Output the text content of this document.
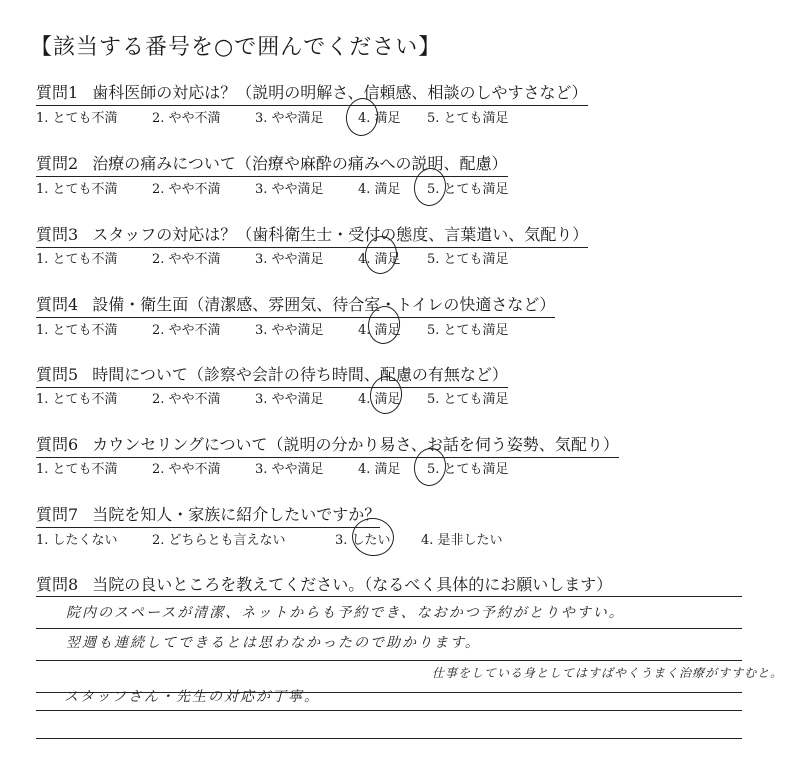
【該当する番号を○で囲んでください】
質問1 歯科医師の対応は？（説明の明解さ、信頼感、相談のしやすさなど）
1. とても不満	2. やや不満	3. やや満足	4. 満足 5. とても満足
質問2 治療の痛みについて（治療や麻酔の痛みへの説明、配慮）
1. とても不満	2. やや不満	3. やや満足	4. 満足 5. とても満足
質問3 スタッフの対応は？（歯科衛生士・受付の態度、言葉遣い、気配り）
1. とても不満	2. やや不満	3. やや満足	4. 満足 5. とても満足
質問4 設備・衛生面（清潔感、雰囲気、待合室・トイレの快適さなど）
1. とても不満	2. やや不満	3. やや満足	4. 満足 5. とても満足
質問5 時間について（診察や会計の待ち時間、配慮の有無など）
1. とても不満	2. やや不満	3. やや満足	4. 満足 5. とても満足
質問6 カウンセリングについて（説明の分かり易さ、お話を伺う姿勢、気配り）
1. とても不満	2. やや不満	3. やや満足	4. 満足 5. とても満足
質問7 当院を知人・家族に紹介したいですか？
1. したくない	2. どちらとも言えない	3. したい 4. 是非したい
質問8 当院の良いところを教えてください。（なるべく具体的にお願いします）
院内のスペースが清潔、ネットからも予約でき、なおかつ予約がとりやすい。
翌週も連続してできるとは思わなかったので助かります。
仕事をしている身としてはすばやくうまく治療がすすむと。
スタッフさん・先生の対応が丁寧。
